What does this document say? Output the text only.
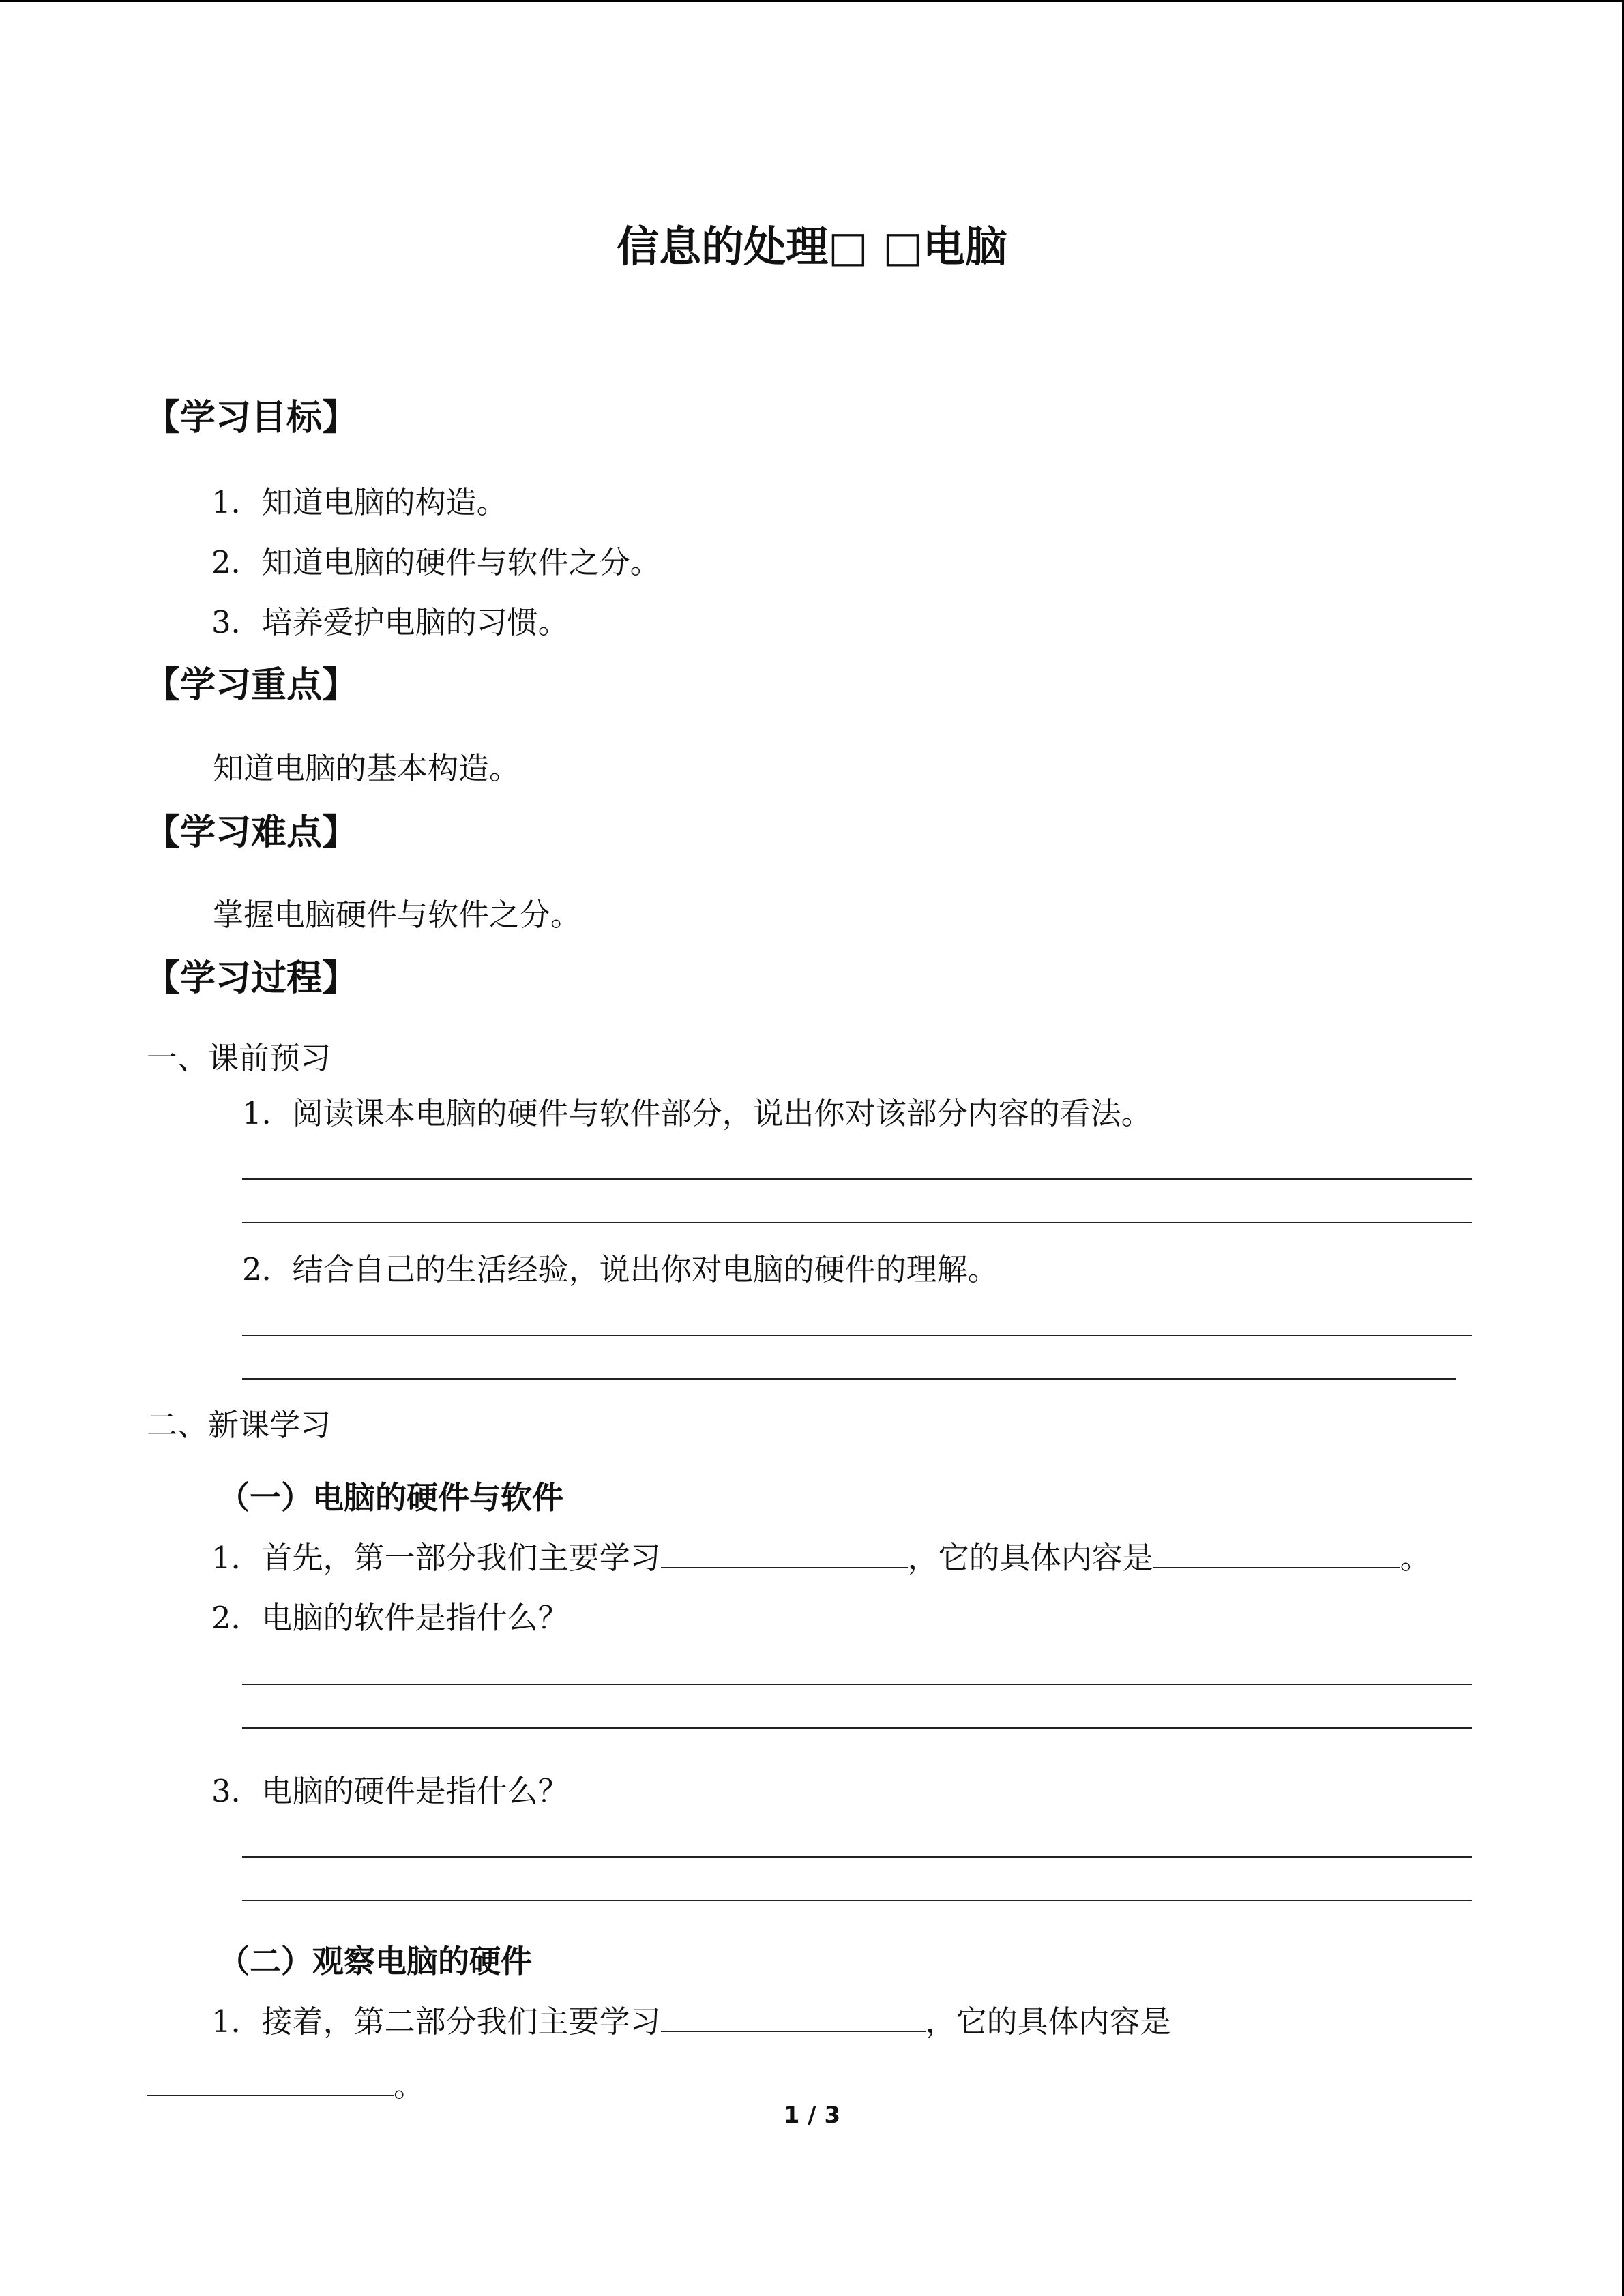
信息的处理□ □电脑
【学习目标】
1．知道电脑的构造。
2．知道电脑的硬件与软件之分。
3．培养爱护电脑的习惯。
【学习重点】
知道电脑的基本构造。
【学习难点】
掌握电脑硬件与软件之分。
【学习过程】
一、课前预习
1．阅读课本电脑的硬件与软件部分，说出你对该部分内容的看法。
2．结合自己的生活经验，说出你对电脑的硬件的理解。
二、新课学习
（一）电脑的硬件与软件
1．首先，第一部分我们主要学习	，它的具体内容是	。
2．电脑的软件是指什么？
3．电脑的硬件是指什么？
（二）观察电脑的硬件
1．接着，第二部分我们主要学习	，它的具体内容是
。
1 / 3
